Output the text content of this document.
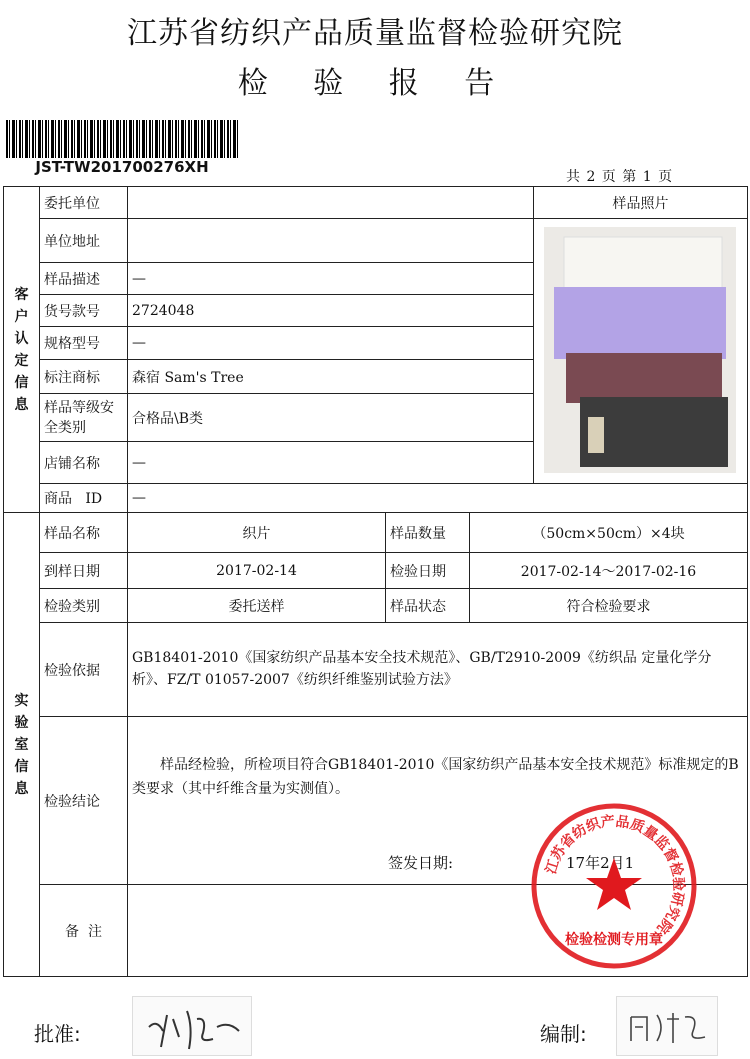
江苏省纺织产品质量监督检验研究院
检 验 报 告
JST-TW201700276XH
共 2 页 第 1 页
客户认定信息	委托单位				样品照片
	单位地址		

	样品描述	—			
	货号款号	2724048			
	规格型号	—			
	标注商标	森宿 Sam's Tree			
	样品等级安全类别	合格品\B类			
	店铺名称	—			
	商品   ID	—			

实验室信息	样品名称	织片	样品数量	（50cm×50cm）×4块	
	到样日期	2017-02-14	检验日期	2017-02-14～2017-02-16	
	检验类别	委托送样	样品状态	符合检验要求	
	检验依据	GB18401-2010《国家纺织产品基本安全技术规范》、GB/T2910-2009《纺织品 定量化学分析》、FZ/T 01057-2007《纺织纤维鉴别试验方法》			
	检验结论	样品经检验，所检项目符合GB18401-2010《国家纺织产品基本安全技术规范》标准规定的B类要求（其中纤维含量为实测值）。
签发日期: 17年2月1			

	备  注				
江苏省纺织产品质量监督检验研究院
检验检测专用章
批准:	编制:
